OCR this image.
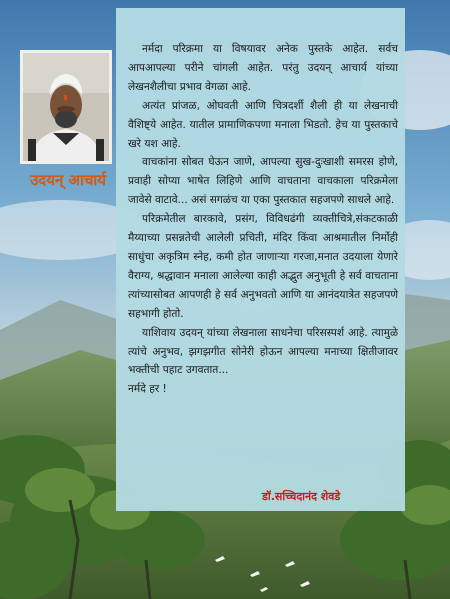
उदयन् आचार्य

नर्मदा परिक्रमा या विषयावर अनेक पुस्तके आहेत. सर्वच आपआपल्या परीने चांगली आहेत. परंतु उदयन् आचार्य यांच्या लेखनशैलीचा प्रभाव वेगळा आहे.

अत्यंत प्रांजळ, ओघवती आणि चित्रदर्शी शैली ही या लेखनाची वैशिष्ट्ये आहेत. यातील प्रामाणिकपणा मनाला भिडतो. हेच या पुस्तकाचे खरे यश आहे.

वाचकांना सोबत घेऊन जाणे, आपल्या सुख-दुःखाशी समरस होणे, प्रवाही सोप्या भाषेत लिहिणे आणि वाचताना वाचकाला परिक्रमेला जावेसे वाटावे... असं सगळंच या एका पुस्तकात सहजपणे साधले आहे.

परिक्रमेतील बारकावे, प्रसंग, विविधढंगी व्यक्तीचित्रे,संकटकाळी मैय्याच्या प्रसन्नतेची आलेली प्रचिती, मंदिर किंवा आश्रमातील निर्मोही साधुंचा अकृत्रिम स्नेह, कमी होत जाणाऱ्या गरजा,मनात उदयाला येणारे वैराग्य, श्रद्धावान मनाला आलेल्या काही अद्भुत अनुभूती हे सर्व वाचताना त्यांच्यासोबत आपणही हे सर्व अनुभवतो आणि या आनंदयात्रेत सहजपणे सहभागी होतो.

याशिवाय उदयन् यांच्या लेखनाला साधनेचा परिसस्पर्श आहे. त्यामुळे त्यांचे अनुभव, झगझगीत सोनेरी होऊन आपल्या मनाच्या क्षितीजावर भक्तीची पहाट उगवतात...

नर्मदे हर !

डॉ.सच्चिदानंद शेवडे
